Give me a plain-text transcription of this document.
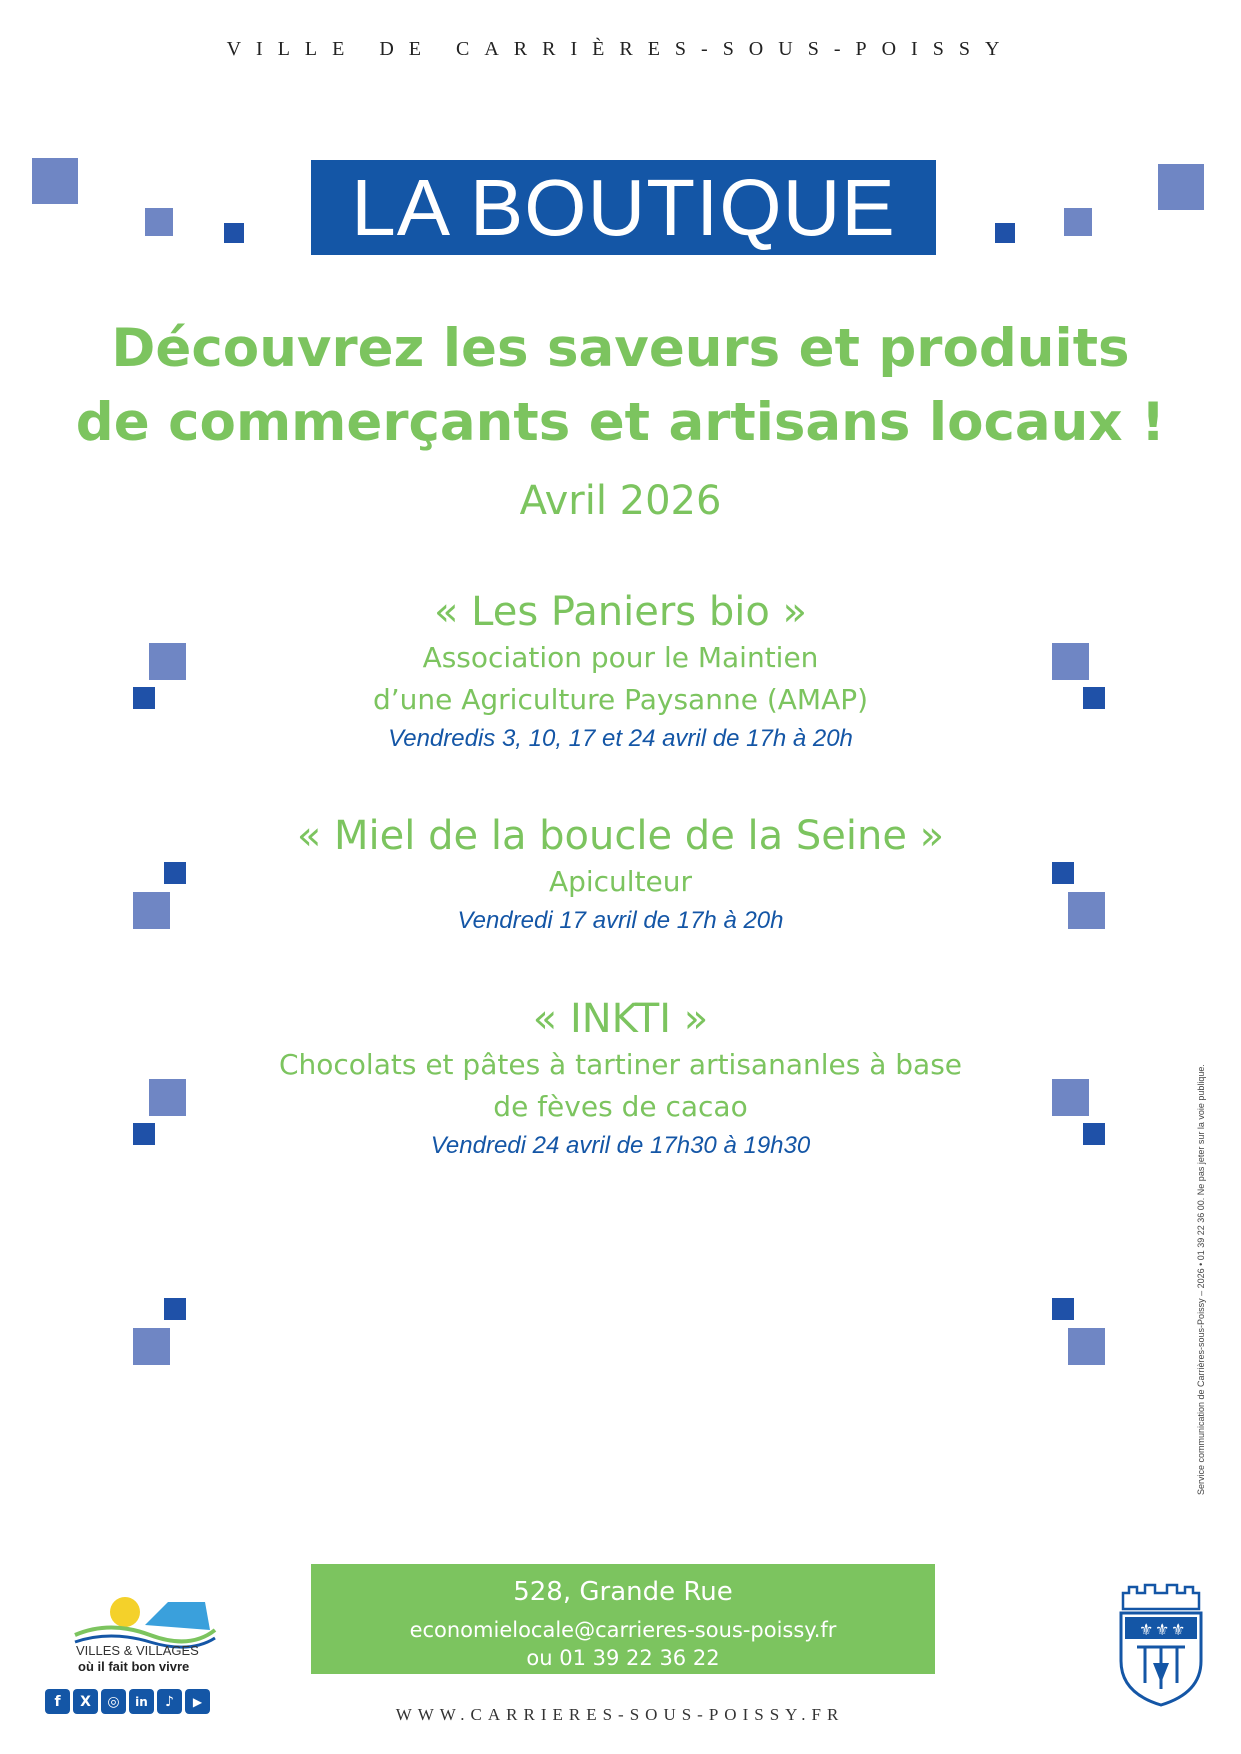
VILLE DE CARRIÈRES-SOUS-POISSY
LA BOUTIQUE
Découvrez les saveurs et produits
de commerçants et artisans locaux !
Avril 2026
« Les Paniers bio »
Association pour le Maintien
d’une Agriculture Paysanne (AMAP)
Vendredis 3, 10, 17 et 24 avril de 17h à 20h
« Miel de la boucle de la Seine »
Apiculteur
Vendredi 17 avril de 17h à 20h
« INKTI »
Chocolats et pâtes à tartiner artisananles à base
de fèves de cacao
Vendredi 24 avril de 17h30 à 19h30	Service communication de Carrières-sous-Poissy – 2026 • 01 39 22 36 00. Ne pas jeter sur la voie publique.
528, Grande Rue
economielocale@carrieres-sous-poissy.fr
ou 01 39 22 36 22
WWW.CARRIERES-SOUS-POISSY.FR
VILLES & VILLAGES
où il fait bon vivre
f	X	◎	in	♪	▶
⚜ ⚜ ⚜
